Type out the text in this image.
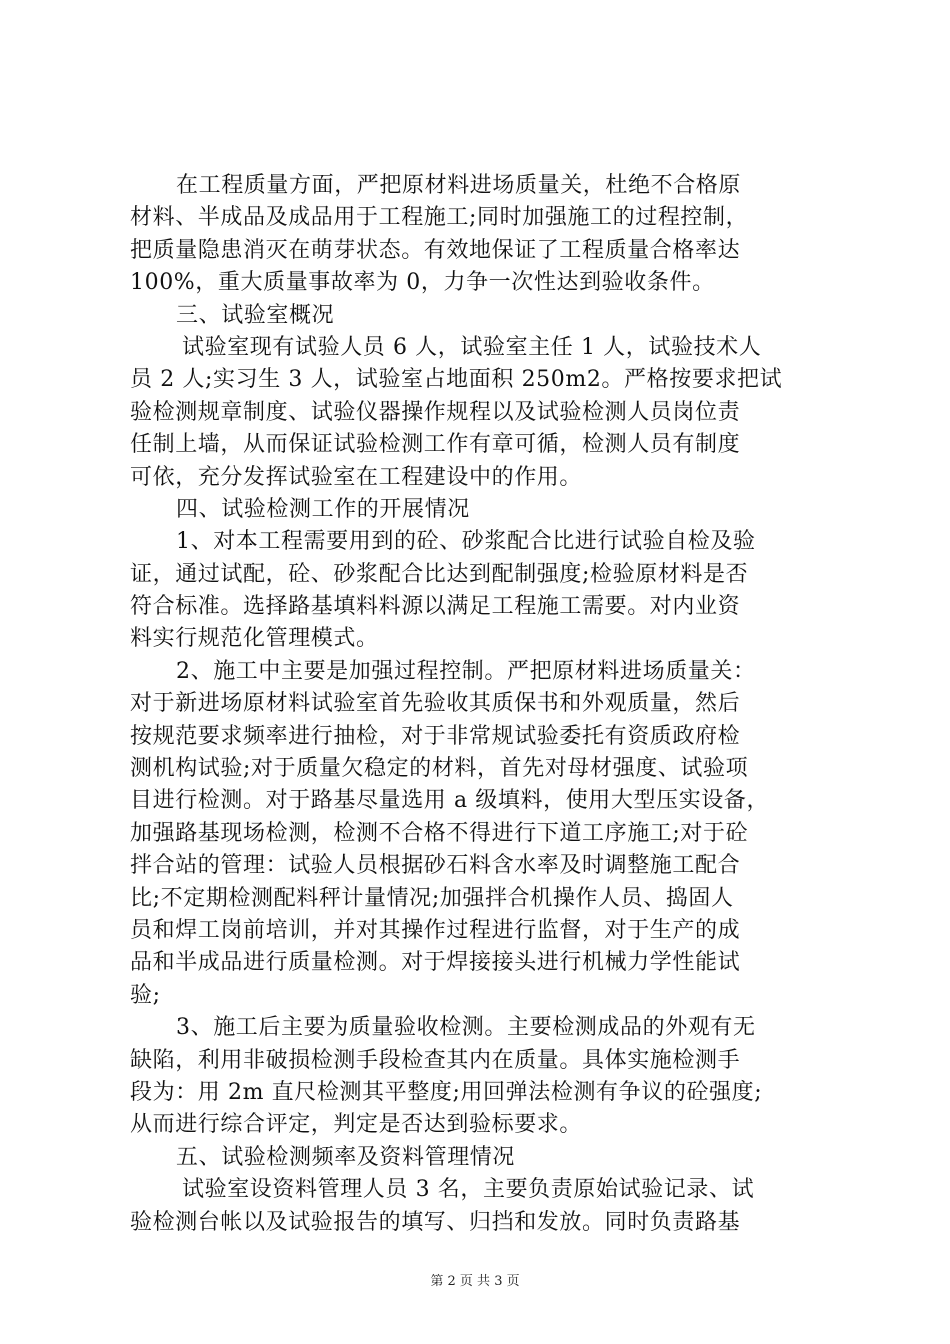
在工程质量方面，严把原材料进场质量关，杜绝不合格原
材料、半成品及成品用于工程施工;同时加强施工的过程控制，
把质量隐患消灭在萌芽状态。有效地保证了工程质量合格率达
100%，重大质量事故率为 0，力争一次性达到验收条件。
三、试验室概况
试验室现有试验人员 6 人，试验室主任 1 人，试验技术人
员 2 人;实习生 3 人，试验室占地面积 250m2。严格按要求把试
验检测规章制度、试验仪器操作规程以及试验检测人员岗位责
任制上墙，从而保证试验检测工作有章可循，检测人员有制度
可依，充分发挥试验室在工程建设中的作用。
四、试验检测工作的开展情况
1、对本工程需要用到的砼、砂浆配合比进行试验自检及验
证，通过试配，砼、砂浆配合比达到配制强度;检验原材料是否
符合标准。选择路基填料料源以满足工程施工需要。对内业资
料实行规范化管理模式。
2、施工中主要是加强过程控制。严把原材料进场质量关：
对于新进场原材料试验室首先验收其质保书和外观质量，然后
按规范要求频率进行抽检，对于非常规试验委托有资质政府检
测机构试验;对于质量欠稳定的材料，首先对母材强度、试验项
目进行检测。对于路基尽量选用 a 级填料，使用大型压实设备，
加强路基现场检测，检测不合格不得进行下道工序施工;对于砼
拌合站的管理：试验人员根据砂石料含水率及时调整施工配合
比;不定期检测配料秤计量情况;加强拌合机操作人员、捣固人
员和焊工岗前培训，并对其操作过程进行监督，对于生产的成
品和半成品进行质量检测。对于焊接接头进行机械力学性能试
验;
3、施工后主要为质量验收检测。主要检测成品的外观有无
缺陷，利用非破损检测手段检查其内在质量。具体实施检测手
段为：用 2m 直尺检测其平整度;用回弹法检测有争议的砼强度;
从而进行综合评定，判定是否达到验标要求。
五、试验检测频率及资料管理情况
试验室设资料管理人员 3 名，主要负责原始试验记录、试
验检测台帐以及试验报告的填写、归挡和发放。同时负责路基
第 2 页 共 3 页
